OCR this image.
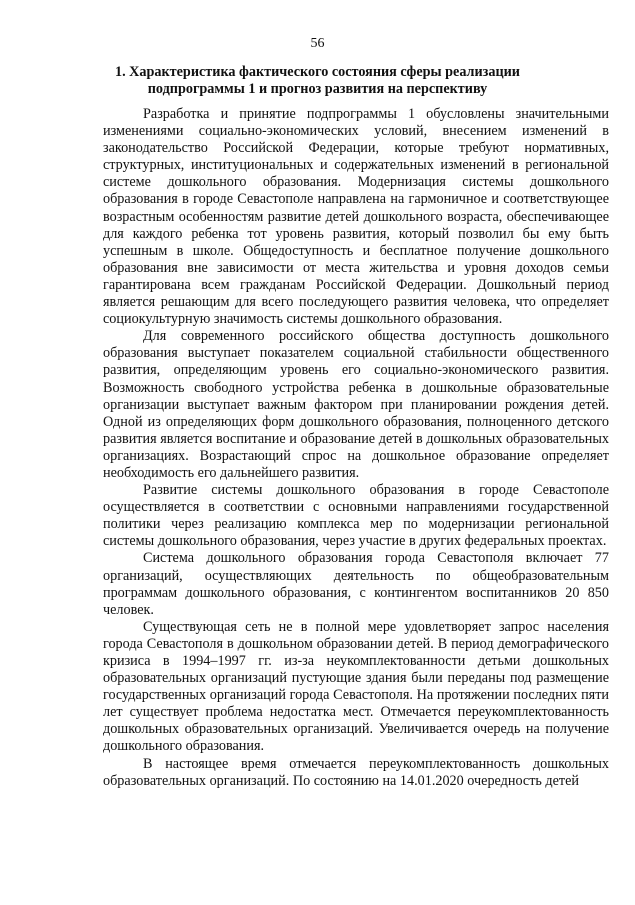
56
1. Характеристика фактического состояния сферы реализации
подпрограммы 1 и прогноз развития на перспективу

Разработка и принятие подпрограммы 1 обусловлены значительными изменениями социально-экономических условий, внесением изменений в законодательство Российской Федерации, которые требуют нормативных, структурных, институциональных и содержательных изменений в региональной системе дошкольного образования. Модернизация системы дошкольного образования в городе Севастополе направлена на гармоничное и соответствующее возрастным особенностям развитие детей дошкольного возраста, обеспечивающее для каждого ребенка тот уровень развития, который позволил бы ему быть успешным в школе. Общедоступность и бесплатное получение дошкольного образования вне зависимости от места жительства и уровня доходов семьи гарантирована всем гражданам Российской Федерации. Дошкольный период является решающим для всего последующего развития человека, что определяет социокультурную значимость системы дошкольного образования.

Для современного российского общества доступность дошкольного образования выступает показателем социальной стабильности общественного развития, определяющим уровень его социально-экономического развития. Возможность свободного устройства ребенка в дошкольные образовательные организации выступает важным фактором при планировании рождения детей. Одной из определяющих форм дошкольного образования, полноценного детского развития является воспитание и образование детей в дошкольных образовательных организациях. Возрастающий спрос на дошкольное образование определяет необходимость его дальнейшего развития.

Развитие системы дошкольного образования в городе Севастополе осуществляется в соответствии с основными направлениями государственной политики через реализацию комплекса мер по модернизации региональной системы дошкольного образования, через участие в других федеральных проектах.

Система дошкольного образования города Севастополя включает 77 организаций, осуществляющих деятельность по общеобразовательным программам дошкольного образования, с контингентом воспитанников 20 850 человек.

Существующая сеть не в полной мере удовлетворяет запрос населения города Севастополя в дошкольном образовании детей. В период демографического кризиса в 1994–1997 гг. из-за неукомплектованности детьми дошкольных образовательных организаций пустующие здания были переданы под размещение государственных организаций города Севастополя. На протяжении последних пяти лет существует проблема недостатка мест. Отмечается переукомплектованность дошкольных образовательных организаций. Увеличивается очередь на получение дошкольного образования.

В настоящее время отмечается переукомплектованность дошкольных образовательных организаций. По состоянию на 14.01.2020 очередность детей
